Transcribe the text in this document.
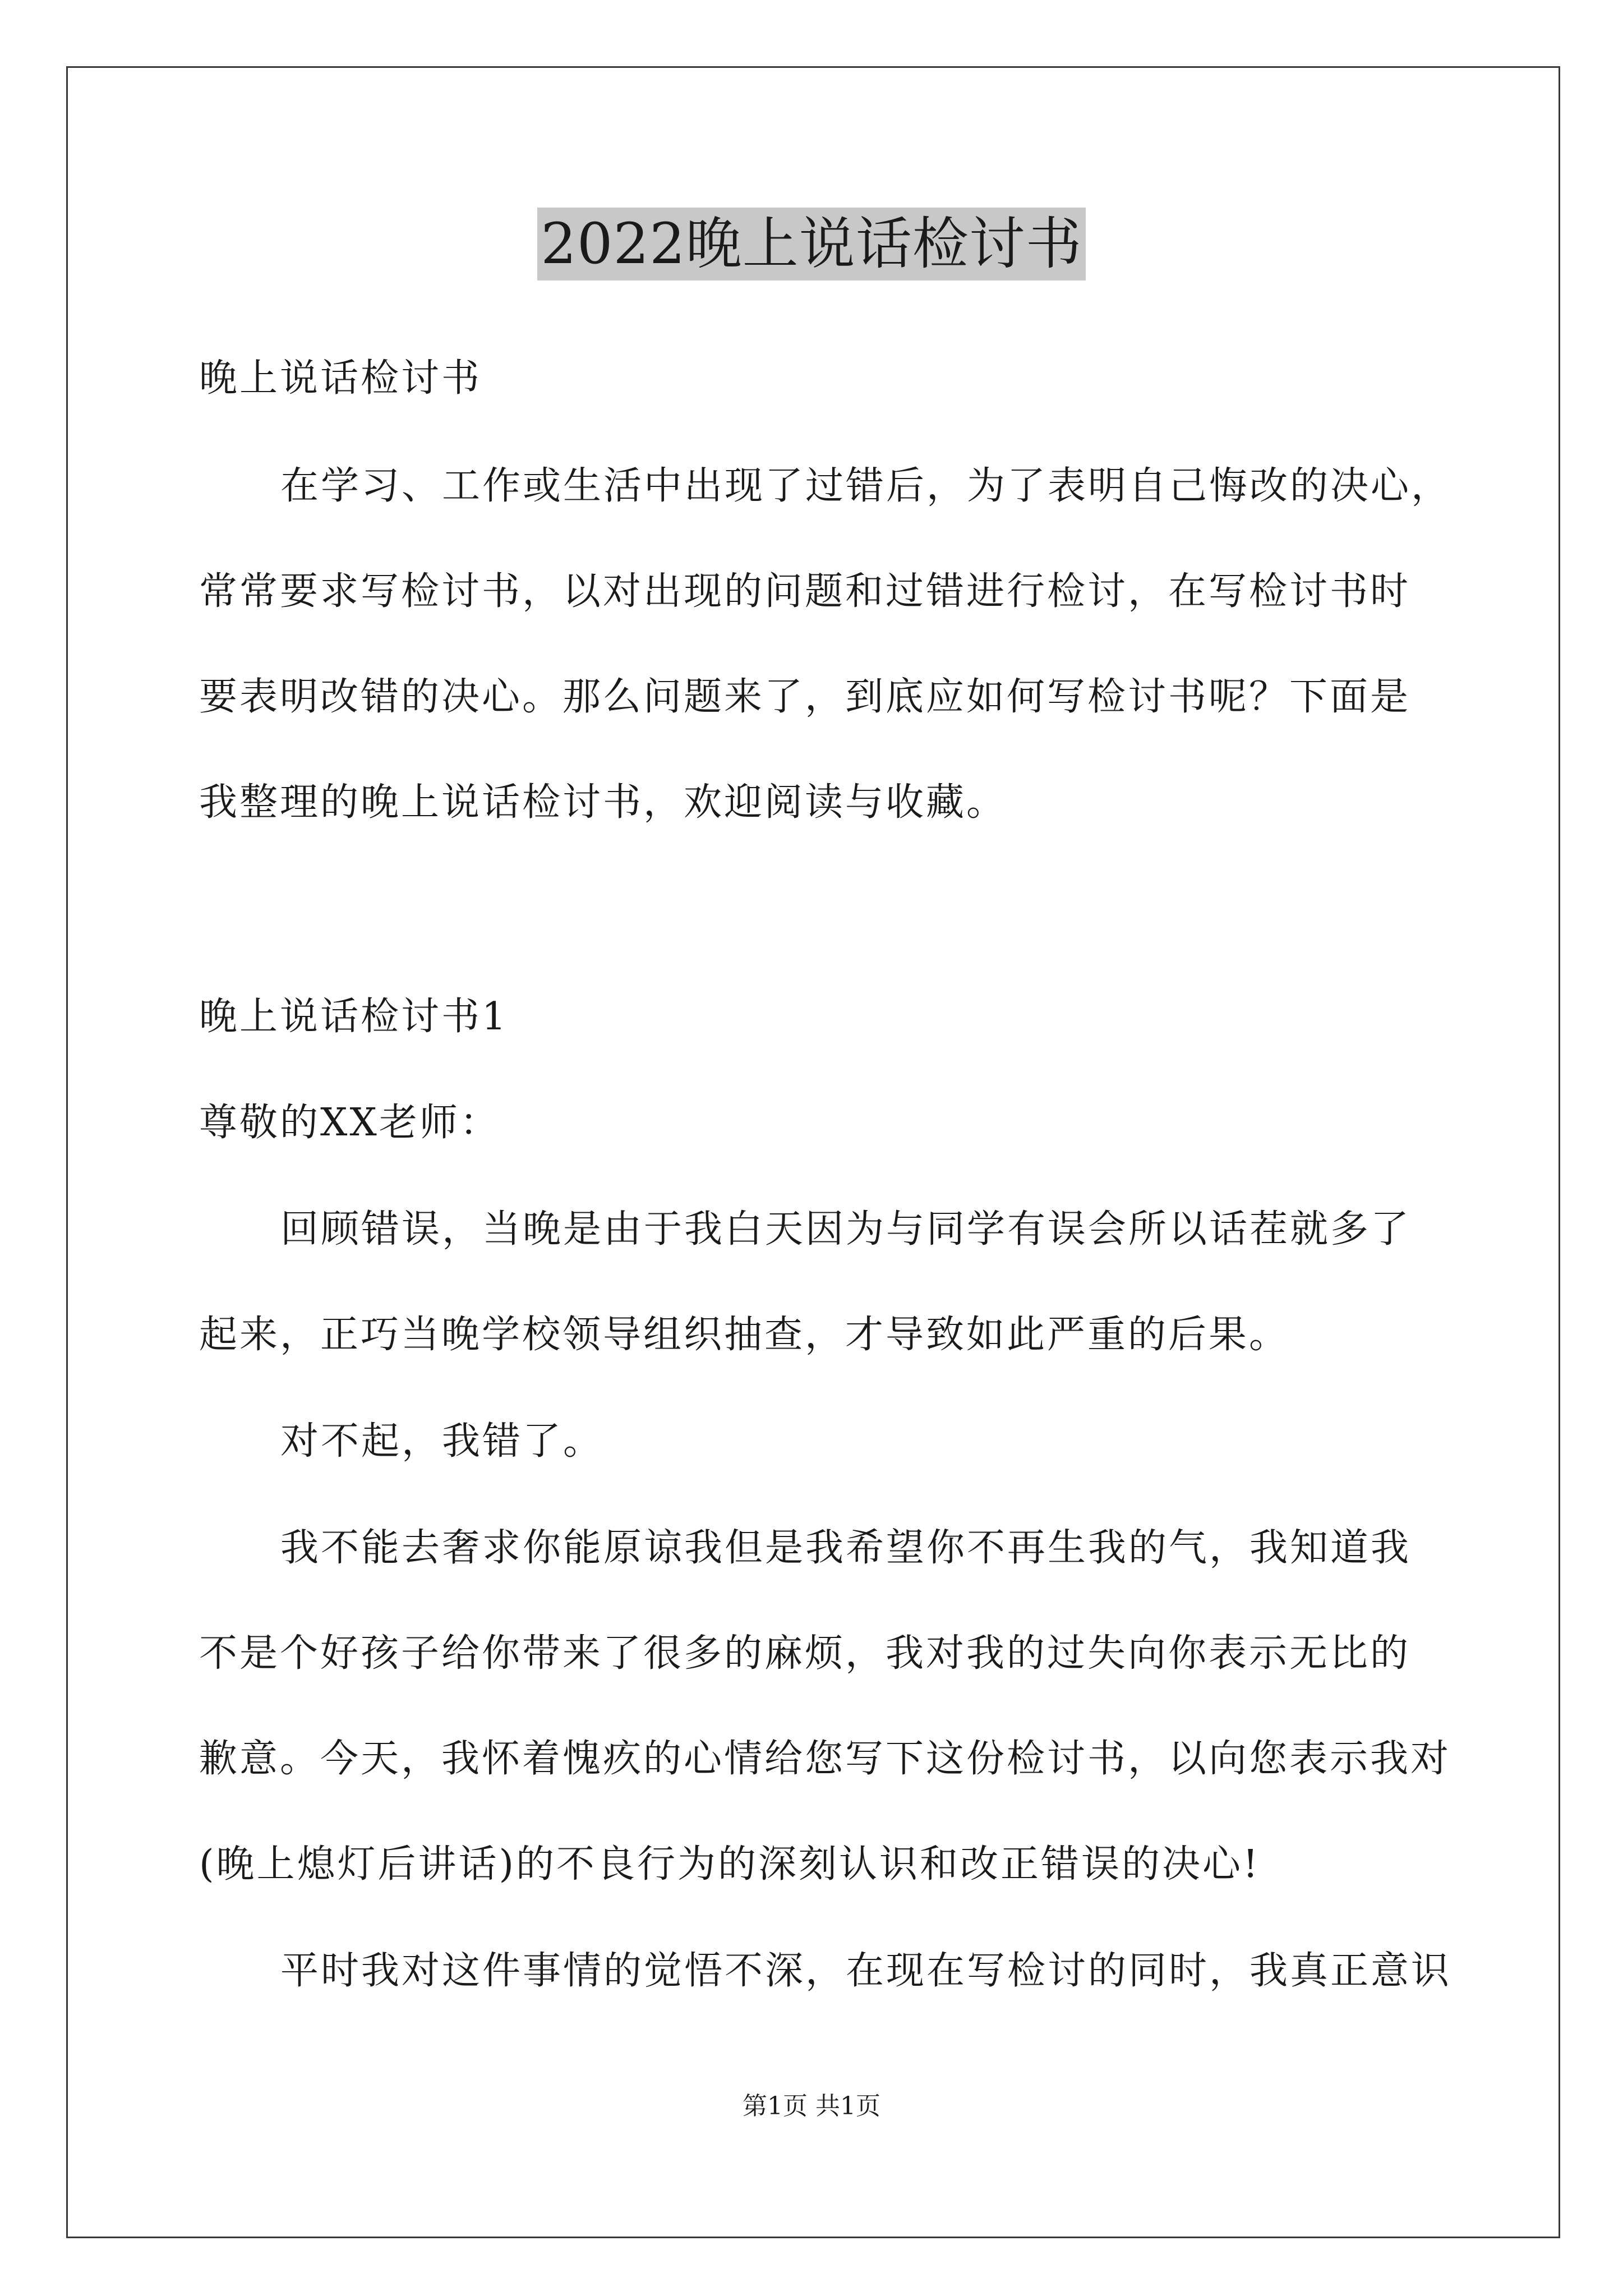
2022晚上说话检讨书
晚上说话检讨书
在学习、工作或生活中出现了过错后，为了表明自己悔改的决心，
常常要求写检讨书，以对出现的问题和过错进行检讨，在写检讨书时
要表明改错的决心。那么问题来了，到底应如何写检讨书呢？下面是
我整理的晚上说话检讨书，欢迎阅读与收藏。
晚上说话检讨书1
尊敬的XX老师：
回顾错误，当晚是由于我白天因为与同学有误会所以话茬就多了
起来，正巧当晚学校领导组织抽查，才导致如此严重的后果。
对不起，我错了。
我不能去奢求你能原谅我但是我希望你不再生我的气，我知道我
不是个好孩子给你带来了很多的麻烦，我对我的过失向你表示无比的
歉意。今天，我怀着愧疚的心情给您写下这份检讨书，以向您表示我对
(晚上熄灯后讲话)的不良行为的深刻认识和改正错误的决心!
平时我对这件事情的觉悟不深，在现在写检讨的同时，我真正意识
第1页 共1页
